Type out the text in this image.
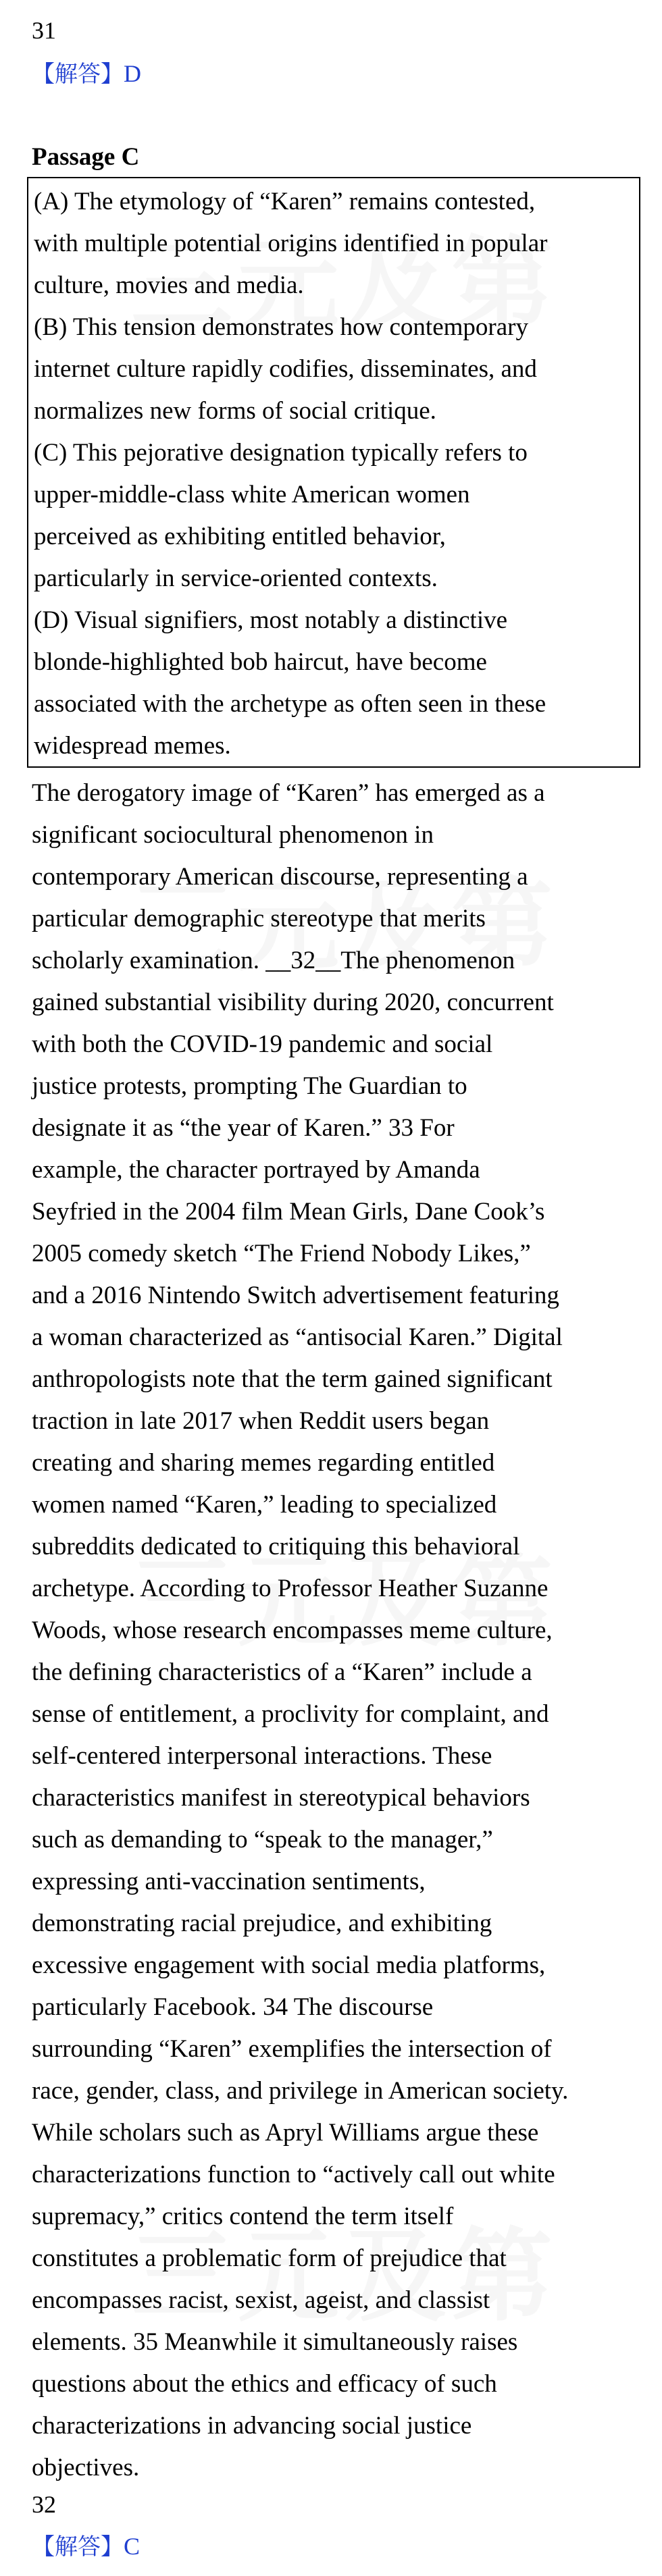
31
【解答】D
Passage C
(A) The etymology of “Karen” remains contested,
with multiple potential origins identified in popular
culture, movies and media.
(B) This tension demonstrates how contemporary
internet culture rapidly codifies, disseminates, and
normalizes new forms of social critique.
(C) This pejorative designation typically refers to
upper-middle-class white American women
perceived as exhibiting entitled behavior,
particularly in service-oriented contexts.
(D) Visual signifiers, most notably a distinctive
blonde-highlighted bob haircut, have become
associated with the archetype as often seen in these
widespread memes.
The derogatory image of “Karen” has emerged as a
significant sociocultural phenomenon in
contemporary American discourse, representing a
particular demographic stereotype that merits
scholarly examination. __32__The phenomenon
gained substantial visibility during 2020, concurrent
with both the COVID-19 pandemic and social
justice protests, prompting The Guardian to
designate it as “the year of Karen.” 33 For
example, the character portrayed by Amanda
Seyfried in the 2004 film Mean Girls, Dane Cook’s
2005 comedy sketch “The Friend Nobody Likes,”
and a 2016 Nintendo Switch advertisement featuring
a woman characterized as “antisocial Karen.” Digital
anthropologists note that the term gained significant
traction in late 2017 when Reddit users began
creating and sharing memes regarding entitled
women named “Karen,” leading to specialized
subreddits dedicated to critiquing this behavioral
archetype. According to Professor Heather Suzanne
Woods, whose research encompasses meme culture,
the defining characteristics of a “Karen” include a
sense of entitlement, a proclivity for complaint, and
self-centered interpersonal interactions. These
characteristics manifest in stereotypical behaviors
such as demanding to “speak to the manager,”
expressing anti-vaccination sentiments,
demonstrating racial prejudice, and exhibiting
excessive engagement with social media platforms,
particularly Facebook. 34 The discourse
surrounding “Karen” exemplifies the intersection of
race, gender, class, and privilege in American society.
While scholars such as Apryl Williams argue these
characterizations function to “actively call out white
supremacy,” critics contend the term itself
constitutes a problematic form of prejudice that
encompasses racist, sexist, ageist, and classist
elements. 35 Meanwhile it simultaneously raises
questions about the ethics and efficacy of such
characterizations in advancing social justice
objectives.
32
【解答】C
